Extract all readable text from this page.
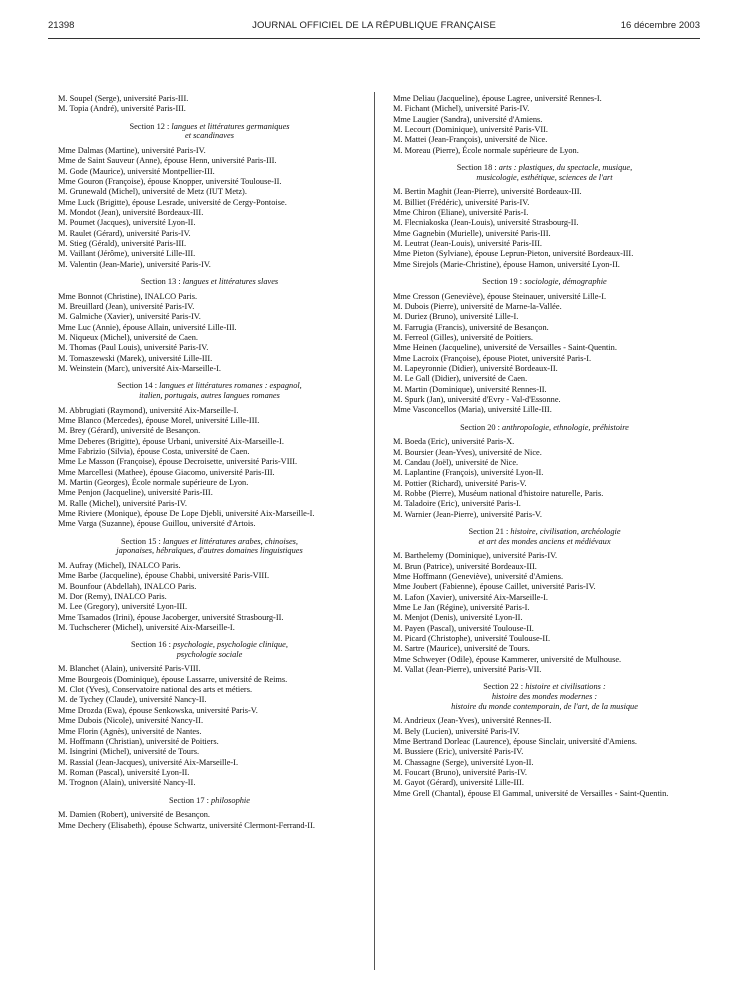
21398	JOURNAL OFFICIEL DE LA RÉPUBLIQUE FRANÇAISE	16 décembre 2003
M. Soupel (Serge), université Paris-III.
M. Topia (André), université Paris-III.
Section 12 : langues et littératures germaniques
et scandinaves
Mme Dalmas (Martine), université Paris-IV.
Mme de Saint Sauveur (Anne), épouse Henn, université Paris-III.
M. Gode (Maurice), université Montpellier-III.
Mme Gouron (Françoise), épouse Knopper, université Toulouse-II.
M. Grunewald (Michel), université de Metz (IUT Metz).
Mme Luck (Brigitte), épouse Lesrade, université de Cergy-Pontoise.
M. Mondot (Jean), université Bordeaux-III.
M. Poumet (Jacques), université Lyon-II.
M. Raulet (Gérard), université Paris-IV.
M. Stieg (Gérald), université Paris-III.
M. Vaillant (Jérôme), université Lille-III.
M. Valentin (Jean-Marie), université Paris-IV.
Section 13 : langues et littératures slaves
Mme Bonnot (Christine), INALCO Paris.
M. Breuillard (Jean), université Paris-IV.
M. Galmiche (Xavier), université Paris-IV.
Mme Luc (Annie), épouse Allain, université Lille-III.
M. Niqueux (Michel), université de Caen.
M. Thomas (Paul Louis), université Paris-IV.
M. Tomaszewski (Marek), université Lille-III.
M. Weinstein (Marc), université Aix-Marseille-I.
Section 14 : langues et littératures romanes : espagnol,
italien, portugais, autres langues romanes
M. Abbrugiati (Raymond), université Aix-Marseille-I.
Mme Blanco (Mercedes), épouse Morel, université Lille-III.
M. Brey (Gérard), université de Besançon.
Mme Deberes (Brigitte), épouse Urbani, université Aix-Marseille-I.
Mme Fabrizio (Silvia), épouse Costa, université de Caen.
Mme Le Masson (Françoise), épouse Decroisette, université Paris-VIII.
Mme Marcellesi (Mathee), épouse Giacomo, université Paris-III.
M. Martin (Georges), École normale supérieure de Lyon.
Mme Penjon (Jacqueline), université Paris-III.
M. Ralle (Michel), université Paris-IV.
Mme Riviere (Monique), épouse De Lope Djebli, université Aix-Marseille-I.
Mme Varga (Suzanne), épouse Guillou, université d'Artois.
Section 15 : langues et littératures arabes, chinoises,
japonaises, hébraïques, d'autres domaines linguistiques
M. Aufray (Michel), INALCO Paris.
Mme Barbe (Jacqueline), épouse Chabbi, université Paris-VIII.
M. Bounfour (Abdellah), INALCO Paris.
M. Dor (Remy), INALCO Paris.
M. Lee (Gregory), université Lyon-III.
Mme Tsamados (Irini), épouse Jacoberger, université Strasbourg-II.
M. Tuchscherer (Michel), université Aix-Marseille-I.
Section 16 : psychologie, psychologie clinique,
psychologie sociale
M. Blanchet (Alain), université Paris-VIII.
Mme Bourgeois (Dominique), épouse Lassarre, université de Reims.
M. Clot (Yves), Conservatoire national des arts et métiers.
M. de Tychey (Claude), université Nancy-II.
Mme Drozda (Ewa), épouse Senkowska, université Paris-V.
Mme Dubois (Nicole), université Nancy-II.
Mme Florin (Agnès), université de Nantes.
M. Hoffmann (Christian), université de Poitiers.
M. Isingrini (Michel), université de Tours.
M. Rassial (Jean-Jacques), université Aix-Marseille-I.
M. Roman (Pascal), université Lyon-II.
M. Trognon (Alain), université Nancy-II.
Section 17 : philosophie
M. Damien (Robert), université de Besançon.
Mme Dechery (Elisabeth), épouse Schwartz, université Clermont-Ferrand-II.
Mme Deliau (Jacqueline), épouse Lagree, université Rennes-I.
M. Fichant (Michel), université Paris-IV.
Mme Laugier (Sandra), université d'Amiens.
M. Lecourt (Dominique), université Paris-VII.
M. Mattei (Jean-François), université de Nice.
M. Moreau (Pierre), École normale supérieure de Lyon.
Section 18 : arts : plastiques, du spectacle, musique,
musicologie, esthétique, sciences de l'art
M. Bertin Maghit (Jean-Pierre), université Bordeaux-III.
M. Billiet (Frédéric), université Paris-IV.
Mme Chiron (Eliane), université Paris-I.
M. Flecniakoska (Jean-Louis), université Strasbourg-II.
Mme Gagnebin (Murielle), université Paris-III.
M. Leutrat (Jean-Louis), université Paris-III.
Mme Pieton (Sylviane), épouse Leprun-Pieton, université Bordeaux-III.
Mme Sirejols (Marie-Christine), épouse Hamon, université Lyon-II.
Section 19 : sociologie, démographie
Mme Cresson (Geneviève), épouse Steinauer, université Lille-I.
M. Dubois (Pierre), université de Marne-la-Vallée.
M. Duriez (Bruno), université Lille-I.
M. Farrugia (Francis), université de Besançon.
M. Ferreol (Gilles), université de Poitiers.
Mme Heinen (Jacqueline), université de Versailles - Saint-Quentin.
Mme Lacroix (Françoise), épouse Piotet, université Paris-I.
M. Lapeyronnie (Didier), université Bordeaux-II.
M. Le Gall (Didier), université de Caen.
M. Martin (Dominique), université Rennes-II.
M. Spurk (Jan), université d'Evry - Val-d'Essonne.
Mme Vasconcellos (Maria), université Lille-III.
Section 20 : anthropologie, ethnologie, préhistoire
M. Boeda (Eric), université Paris-X.
M. Boursier (Jean-Yves), université de Nice.
M. Candau (Joël), université de Nice.
M. Laplantine (François), université Lyon-II.
M. Pottier (Richard), université Paris-V.
M. Robbe (Pierre), Muséum national d'histoire naturelle, Paris.
M. Taladoire (Eric), université Paris-I.
M. Warnier (Jean-Pierre), université Paris-V.
Section 21 : histoire, civilisation, archéologie
et art des mondes anciens et médiévaux
M. Barthelemy (Dominique), université Paris-IV.
M. Brun (Patrice), université Bordeaux-III.
Mme Hoffmann (Geneviève), université d'Amiens.
Mme Joubert (Fabienne), épouse Caillet, université Paris-IV.
M. Lafon (Xavier), université Aix-Marseille-I.
Mme Le Jan (Régine), université Paris-I.
M. Menjot (Denis), université Lyon-II.
M. Payen (Pascal), université Toulouse-II.
M. Picard (Christophe), université Toulouse-II.
M. Sartre (Maurice), université de Tours.
Mme Schweyer (Odile), épouse Kammerer, université de Mulhouse.
M. Vallat (Jean-Pierre), université Paris-VII.
Section 22 : histoire et civilisations :
histoire des mondes modernes :
histoire du monde contemporain, de l'art, de la musique
M. Andrieux (Jean-Yves), université Rennes-II.
M. Bely (Lucien), université Paris-IV.
Mme Bertrand Dorleac (Laurence), épouse Sinclair, université d'Amiens.
M. Bussiere (Eric), université Paris-IV.
M. Chassagne (Serge), université Lyon-II.
M. Foucart (Bruno), université Paris-IV.
M. Gayot (Gérard), université Lille-III.
Mme Grell (Chantal), épouse El Gammal, université de Versailles - Saint-Quentin.
